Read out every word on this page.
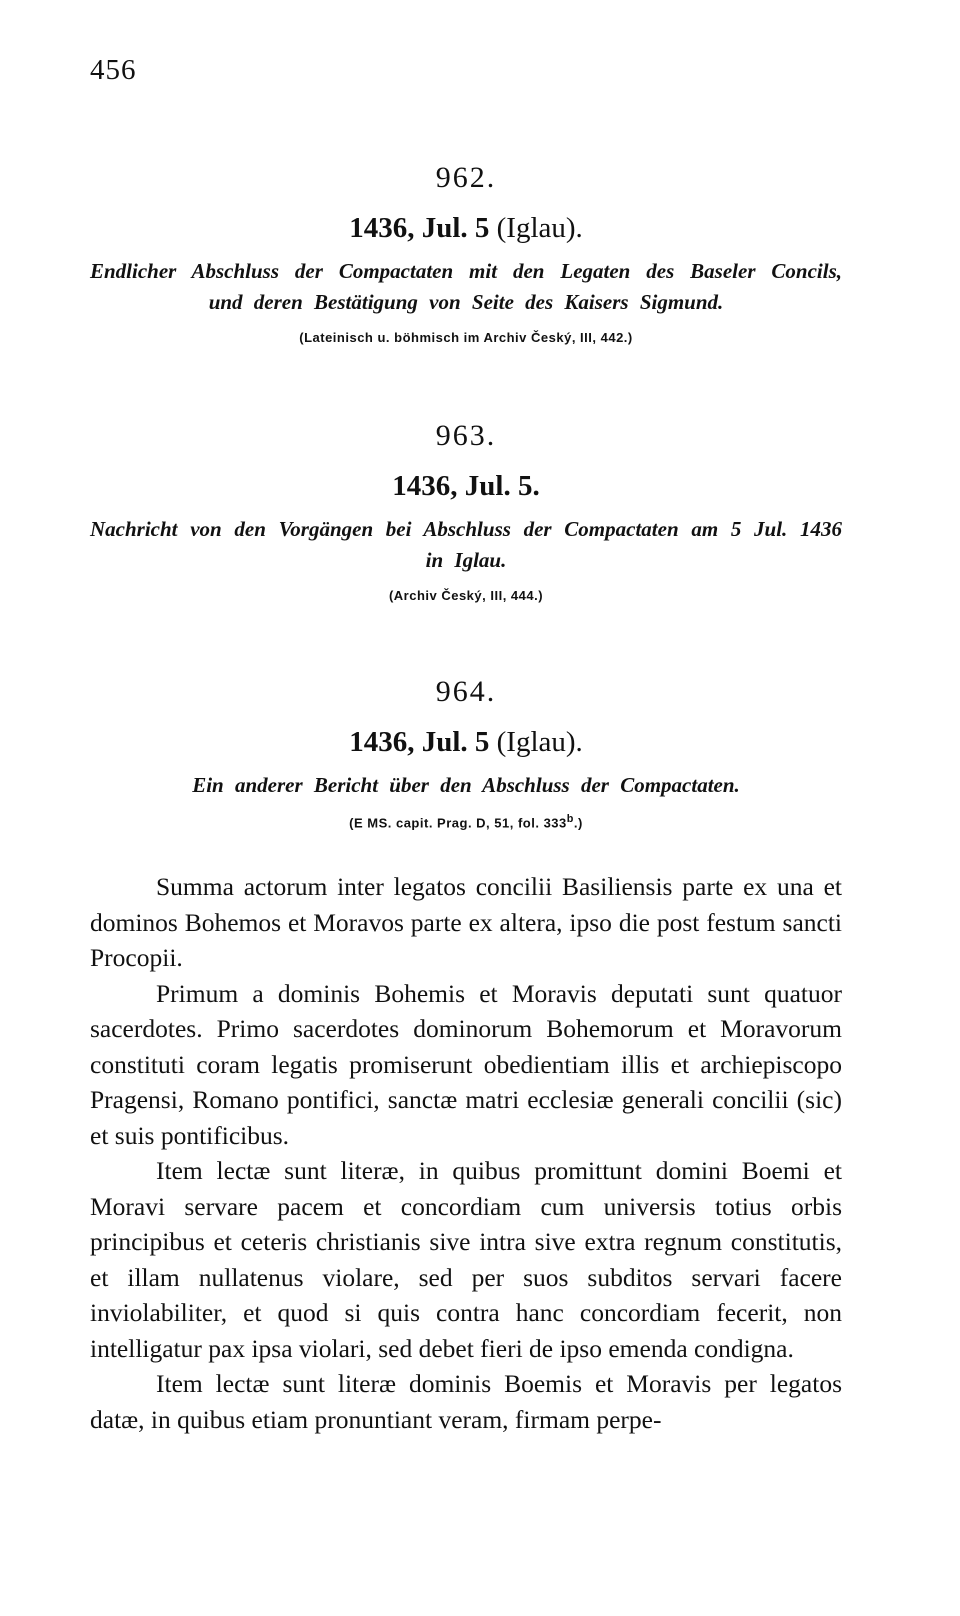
456
962.
1436, Jul. 5 (Iglau).
Endlicher Abschluss der Compactaten mit den Legaten des Baseler Concils, und deren Bestätigung von Seite des Kaisers Sigmund.
(Lateinisch u. böhmisch im Archiv Český, III, 442.)
963.
1436, Jul. 5.
Nachricht von den Vorgängen bei Abschluss der Compactaten am 5 Jul. 1436 in Iglau.
(Archiv Český, III, 444.)
964.
1436, Jul. 5 (Iglau).
Ein anderer Bericht über den Abschluss der Compactaten.
(E MS. capit. Prag. D, 51, fol. 333$^b$.)

Summa actorum inter legatos concilii Basiliensis parte ex una et dominos Bohemos et Moravos parte ex altera, ipso die post festum sancti Procopii.

Primum a dominis Bohemis et Moravis deputati sunt quatuor sacerdotes. Primo sacerdotes dominorum Bohemorum et Moravorum constituti coram legatis promiserunt obedientiam illis et archiepiscopo Pragensi, Romano pontifici, sanctæ matri ecclesiæ generali concilii (sic) et suis pontificibus.

Item lectæ sunt literæ, in quibus promittunt domini Boemi et Moravi servare pacem et concordiam cum universis totius orbis principibus et ceteris christianis sive intra sive extra regnum constitutis, et illam nullatenus violare, sed per suos subditos servari facere inviolabiliter, et quod si quis contra hanc concordiam fecerit, non intelligatur pax ipsa violari, sed debet fieri de ipso emenda condigna.

Item lectæ sunt literæ dominis Boemis et Moravis per legatos datæ, in quibus etiam pronuntiant veram, firmam perpe-
